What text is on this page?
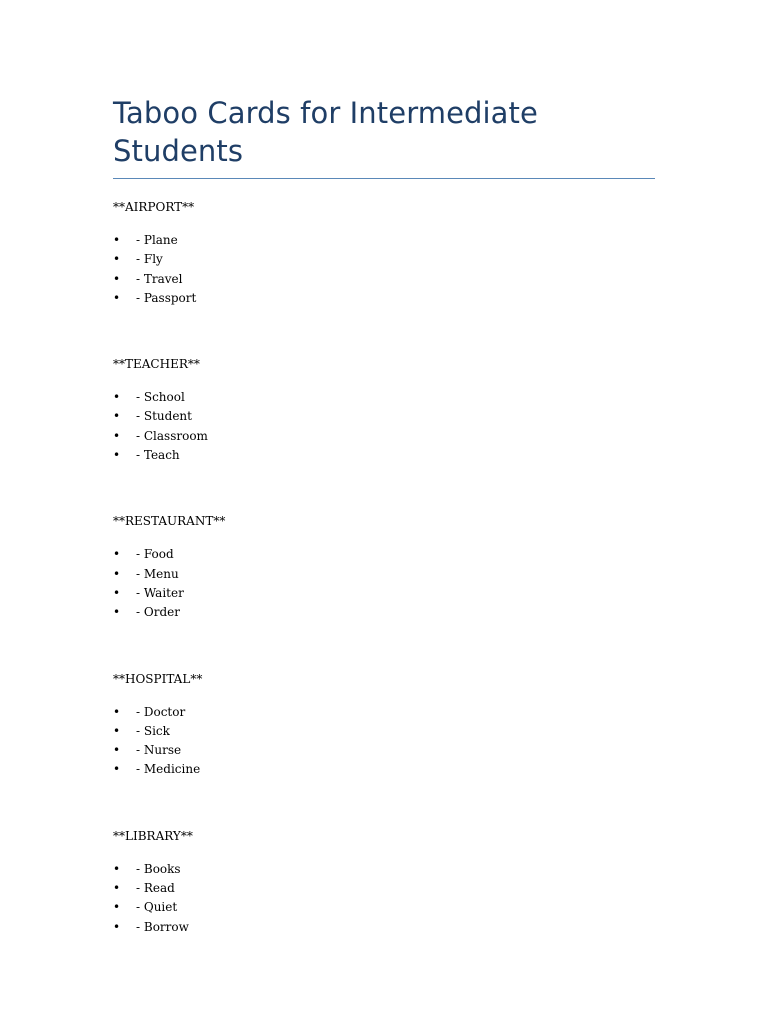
Taboo Cards for Intermediate Students

**AIRPORT**

• - Plane
• - Fly
• - Travel
• - Passport

**TEACHER**

• - School
• - Student
• - Classroom
• - Teach

**RESTAURANT**

• - Food
• - Menu
• - Waiter
• - Order

**HOSPITAL**

• - Doctor
• - Sick
• - Nurse
• - Medicine

**LIBRARY**

• - Books
• - Read
• - Quiet
• - Borrow
